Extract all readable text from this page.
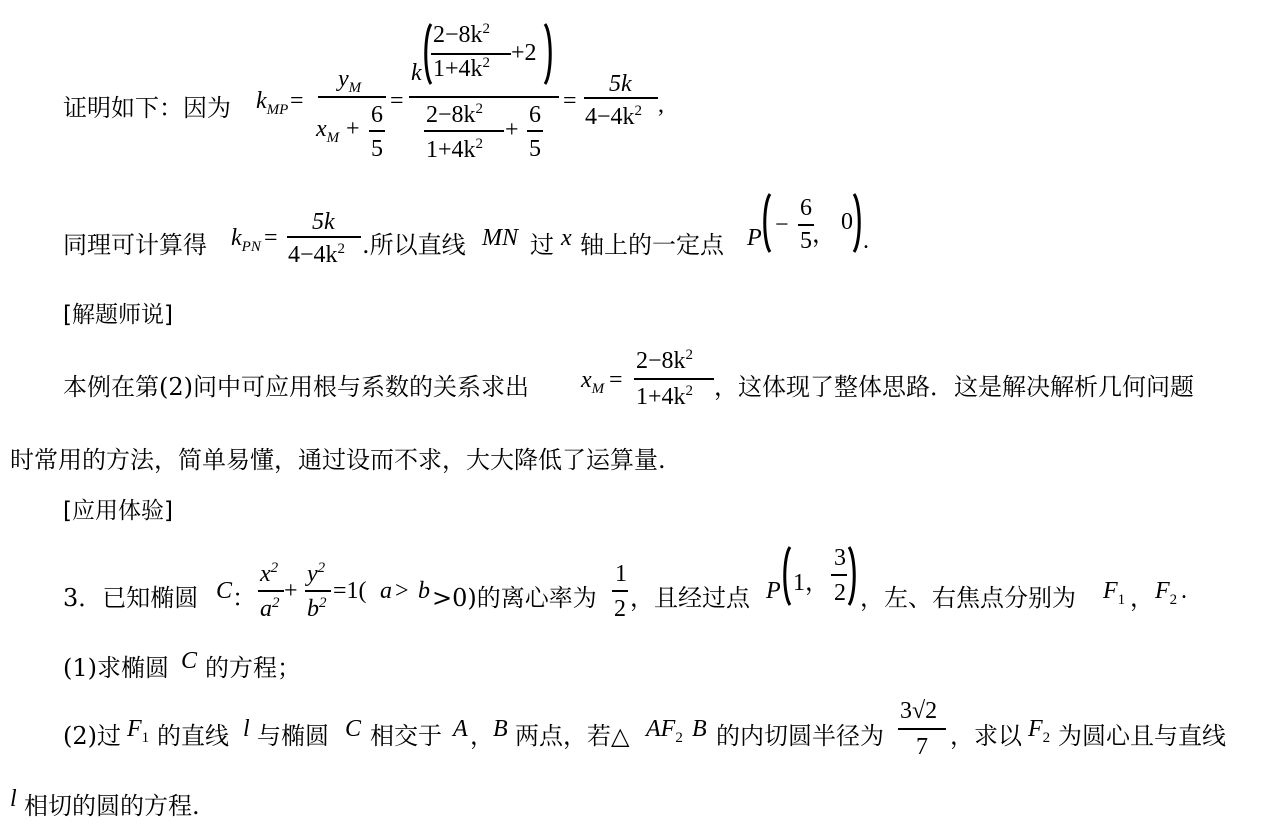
证明如下：因为 $k_{MP}$ =
$y_M$
$x_M$ +
6
5
=
k
$2-8k^2$
$1+4k^2 +2$
$2-8k^2$
$1+4k^2$
+
6
5
=
5k
$4-4k^2$ ,
同理可计算得 $k_{PN}$ =
5k
$4-4k^2$ .所以直线 MN 过 x 轴上的一定点 P −
6
5 ， 0
.
[解题师说]
本例在第(2)问中可应用根与系数的关系求出 $x_M$ =
$2-8k^2$
$1+4k^2$ ，这体现了整体思路．这是解决解析几何问题
时常用的方法，简单易懂，通过设而不求，大大降低了运算量.
[应用体验]
3．已知椭圆 C ：
$x^2$
$a^2$ +
$y^2$
$b^2 =1$( a > b >0)的离心率为
1
2 ，且经过点 P 1，
3
2 ，左、右焦点分别为 $F_1$ ， $F_2$ .
(1)求椭圆 C 的方程；
(2)过 $F_1$ 的直线 l 与椭圆 C 相交于 A ， B 两点，若△ $AF_2$ B 的内切圆半径为
3√2
7 ，求以 $F_2$ 为圆心且与直线
l 相切的圆的方程.
